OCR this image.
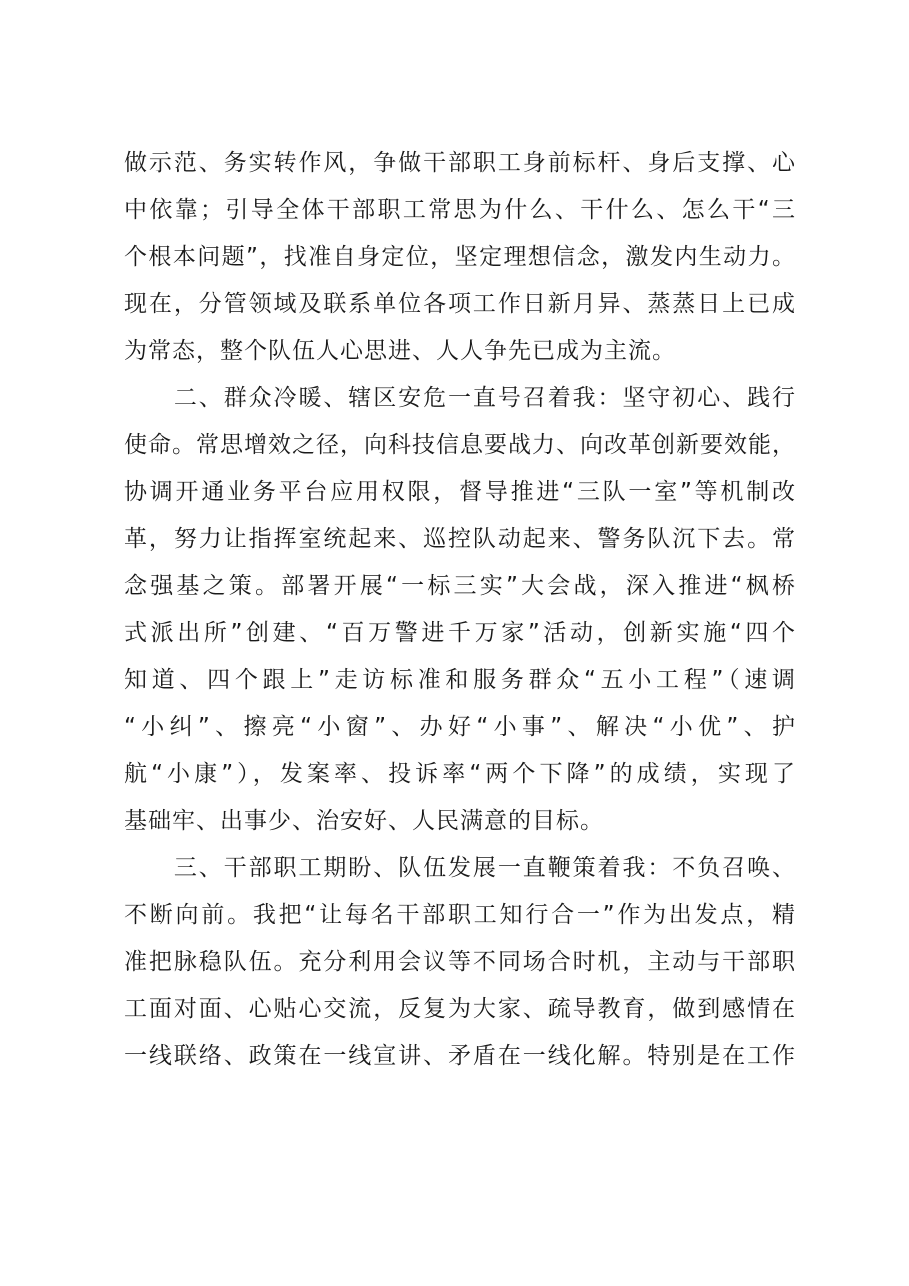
做示范、务实转作风，争做干部职工身前标杆、身后支撑、心
中依靠；引导全体干部职工常思为什么、干什么、怎么干“三
个根本问题”，找准自身定位，坚定理想信念，激发内生动力。
现在，分管领域及联系单位各项工作日新月异、蒸蒸日上已成
为常态，整个队伍人心思进、人人争先已成为主流。
　　二、群众冷暖、辖区安危一直号召着我：坚守初心、践行
使命。常思增效之径，向科技信息要战力、向改革创新要效能，
协调开通业务平台应用权限，督导推进“三队一室”等机制改
革，努力让指挥室统起来、巡控队动起来、警务队沉下去。常
念强基之策。部署开展“一标三实”大会战，深入推进“枫桥
式派出所”创建、“百万警进千万家”活动，创新实施“四个
知道、四个跟上”走访标准和服务群众“五小工程”（速调
“小纠”、擦亮“小窗”、办好“小事”、解决“小优”、护
航“小康”），发案率、投诉率“两个下降”的成绩，实现了
基础牢、出事少、治安好、人民满意的目标。
　　三、干部职工期盼、队伍发展一直鞭策着我：不负召唤、
不断向前。我把“让每名干部职工知行合一”作为出发点，精
准把脉稳队伍。充分利用会议等不同场合时机，主动与干部职
工面对面、心贴心交流，反复为大家、疏导教育，做到感情在
一线联络、政策在一线宣讲、矛盾在一线化解。特别是在工作
